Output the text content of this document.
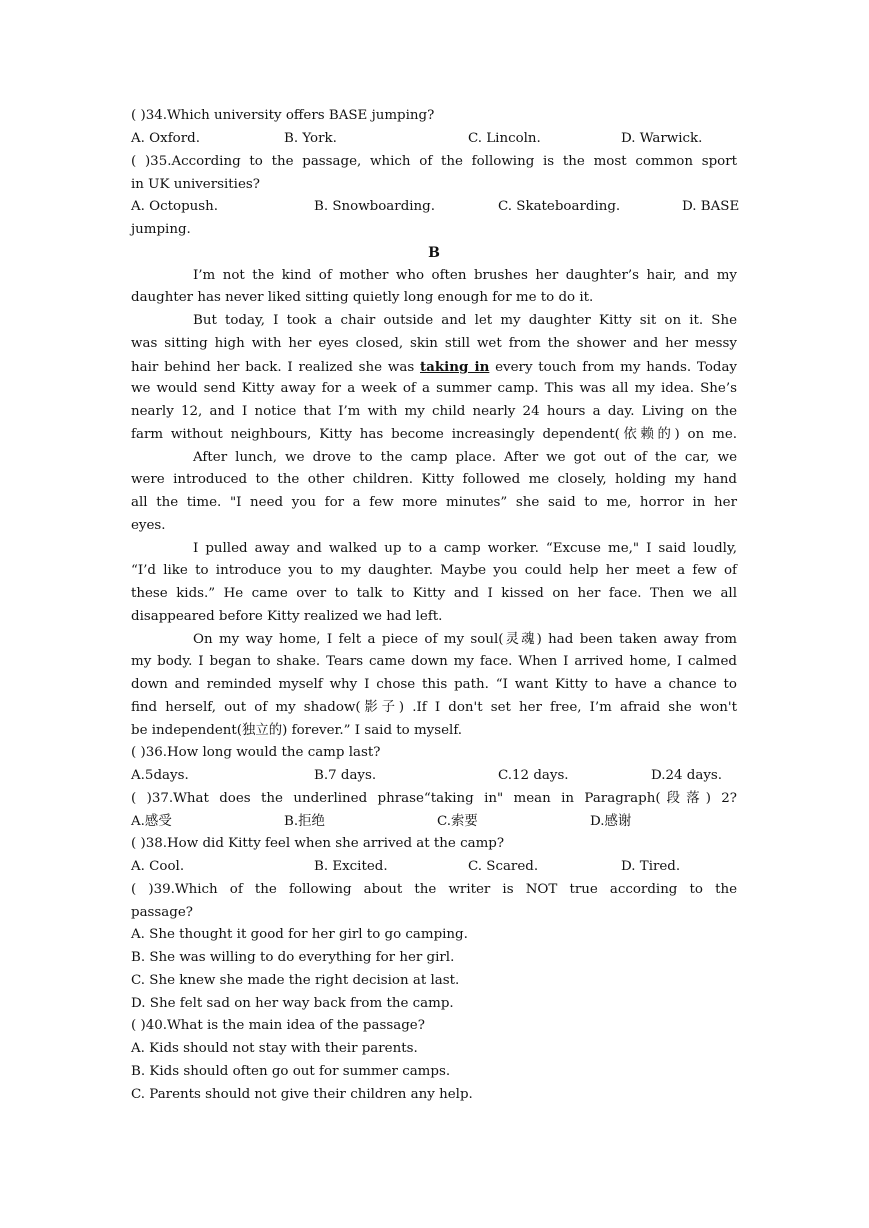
( )34.Which university offers BASE jumping?
A. Oxford.	B. York.	C. Lincoln.	D. Warwick.
( )35.According to the passage, which of the following is the most common sport
in UK universities?
A. Octopush.	B. Snowboarding.	C. Skateboarding.	D. BASE
jumping.
B
I’m not the kind of mother who often brushes her daughter’s hair, and my
daughter has never liked sitting quietly long enough for me to do it.
But today, I took a chair outside and let my daughter Kitty sit on it. She
was sitting high with her eyes closed, skin still wet from the shower and her messy
hair behind her back. I realized she was taking in every touch from my hands. Today
we would send Kitty away for a week of a summer camp. This was all my idea. She’s
nearly 12, and I notice that I’m with my child nearly 24 hours a day. Living on the
farm without neighbours, Kitty has become increasingly dependent(依赖的) on me.
After lunch, we drove to the camp place. After we got out of the car, we
were introduced to the other children. Kitty followed me closely, holding my hand
all the time. "I need you for a few more minutes” she said to me, horror in her
eyes.
I pulled away and walked up to a camp worker. “Excuse me," I said loudly,
“I’d like to introduce you to my daughter. Maybe you could help her meet a few of
these kids.” He came over to talk to Kitty and I kissed on her face. Then we all
disappeared before Kitty realized we had left.
On my way home, I felt a piece of my soul(灵魂) had been taken away from
my body. I began to shake. Tears came down my face. When I arrived home, I calmed
down and reminded myself why I chose this path. “I want Kitty to have a chance to
find herself, out of my shadow(影子) .If I don't set her free, I’m afraid she won't
be independent(独立的) forever.” I said to myself.
( )36.How long would the camp last?
A.5days.	B.7 days.	C.12 days.	D.24 days.
( )37.What does the underlined phrase“taking in" mean in Paragraph(段落) 2?
A.感受	B.拒绝	C.索要	D.感谢
( )38.How did Kitty feel when she arrived at the camp?
A. Cool.	B. Excited.	C. Scared.	D. Tired.
( )39.Which of the following about the writer is NOT true according to the
passage?
A. She thought it good for her girl to go camping.
B. She was willing to do everything for her girl.
C. She knew she made the right decision at last.
D. She felt sad on her way back from the camp.
( )40.What is the main idea of the passage?
A. Kids should not stay with their parents.
B. Kids should often go out for summer camps.
C. Parents should not give their children any help.
